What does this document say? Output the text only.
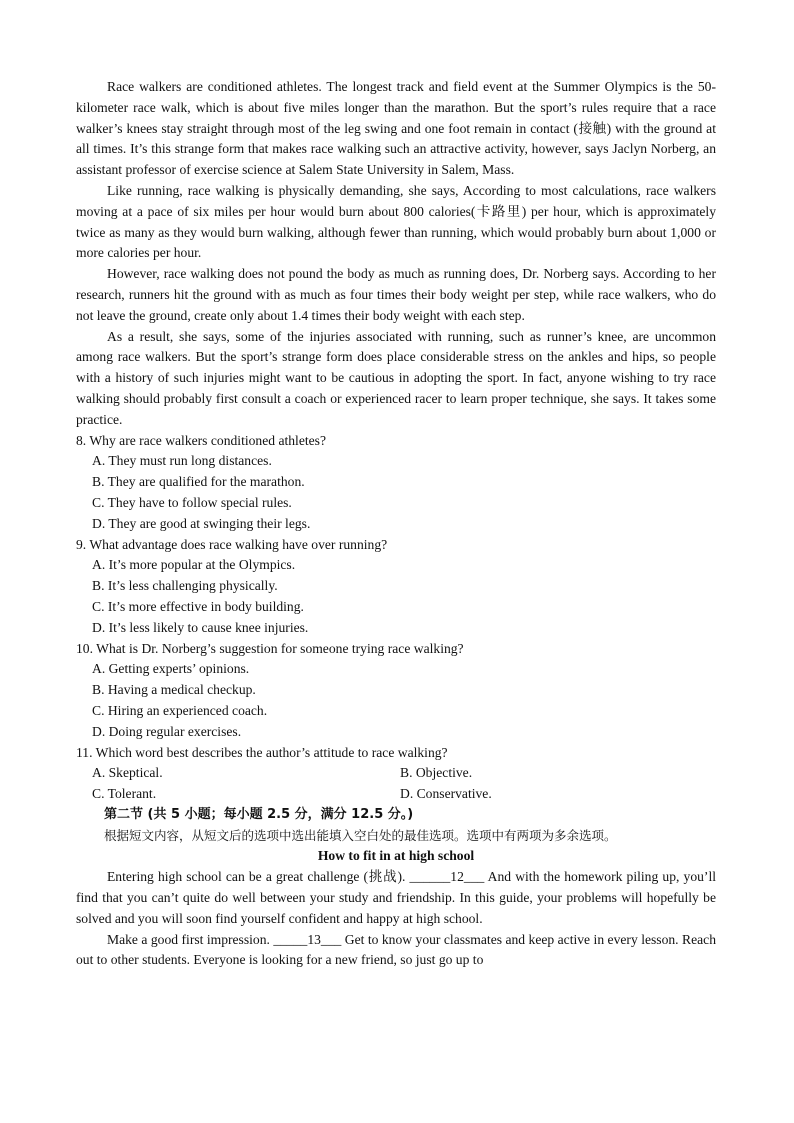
Race walkers are conditioned athletes. The longest track and field event at the Summer Olympics is the 50-kilometer race walk, which is about five miles longer than the marathon. But the sport’s rules require that a race walker’s knees stay straight through most of the leg swing and one foot remain in contact (接触) with the ground at all times. It’s this strange form that makes race walking such an attractive activity, however, says Jaclyn Norberg, an assistant professor of exercise science at Salem State University in Salem, Mass.

Like running, race walking is physically demanding, she says, According to most calculations, race walkers moving at a pace of six miles per hour would burn about 800 calories(卡路里) per hour, which is approximately twice as many as they would burn walking, although fewer than running, which would probably burn about 1,000 or more calories per hour.

However, race walking does not pound the body as much as running does, Dr. Norberg says. According to her research, runners hit the ground with as much as four times their body weight per step, while race walkers, who do not leave the ground, create only about 1.4 times their body weight with each step.

As a result, she says, some of the injuries associated with running, such as runner’s knee, are uncommon among race walkers. But the sport’s strange form does place considerable stress on the ankles and hips, so people with a history of such injuries might want to be cautious in adopting the sport. In fact, anyone wishing to try race walking should probably first consult a coach or experienced racer to learn proper technique, she says. It takes some practice.

8. Why are race walkers conditioned athletes?

A. They must run long distances.

B. They are qualified for the marathon.

C. They have to follow special rules.

D. They are good at swinging their legs.

9. What advantage does race walking have over running?

A. It’s more popular at the Olympics.

B. It’s less challenging physically.

C. It’s more effective in body building.

D. It’s less likely to cause knee injuries.

10. What is Dr. Norberg’s suggestion for someone trying race walking?

A. Getting experts’ opinions.

B. Having a medical checkup.

C. Hiring an experienced coach.

D. Doing regular exercises.

11. Which word best describes the author’s attitude to race walking?

A. Skeptical.	B. Objective.
C. Tolerant.	D. Conservative.

第二节 (共 5 小题；每小题 2.5 分，满分 12.5 分。)

根据短文内容，从短文后的选项中选出能填入空白处的最佳选项。选项中有两项为多余选项。

How to fit in at high school

Entering high school can be a great challenge (挑战). ______12___ And with the homework piling up, you’ll find that you can’t quite do well between your study and friendship. In this guide, your problems will hopefully be solved and you will soon find yourself confident and happy at high school.

Make a good first impression. _____13___ Get to know your classmates and keep active in every lesson. Reach out to other students. Everyone is looking for a new friend, so just go up to
